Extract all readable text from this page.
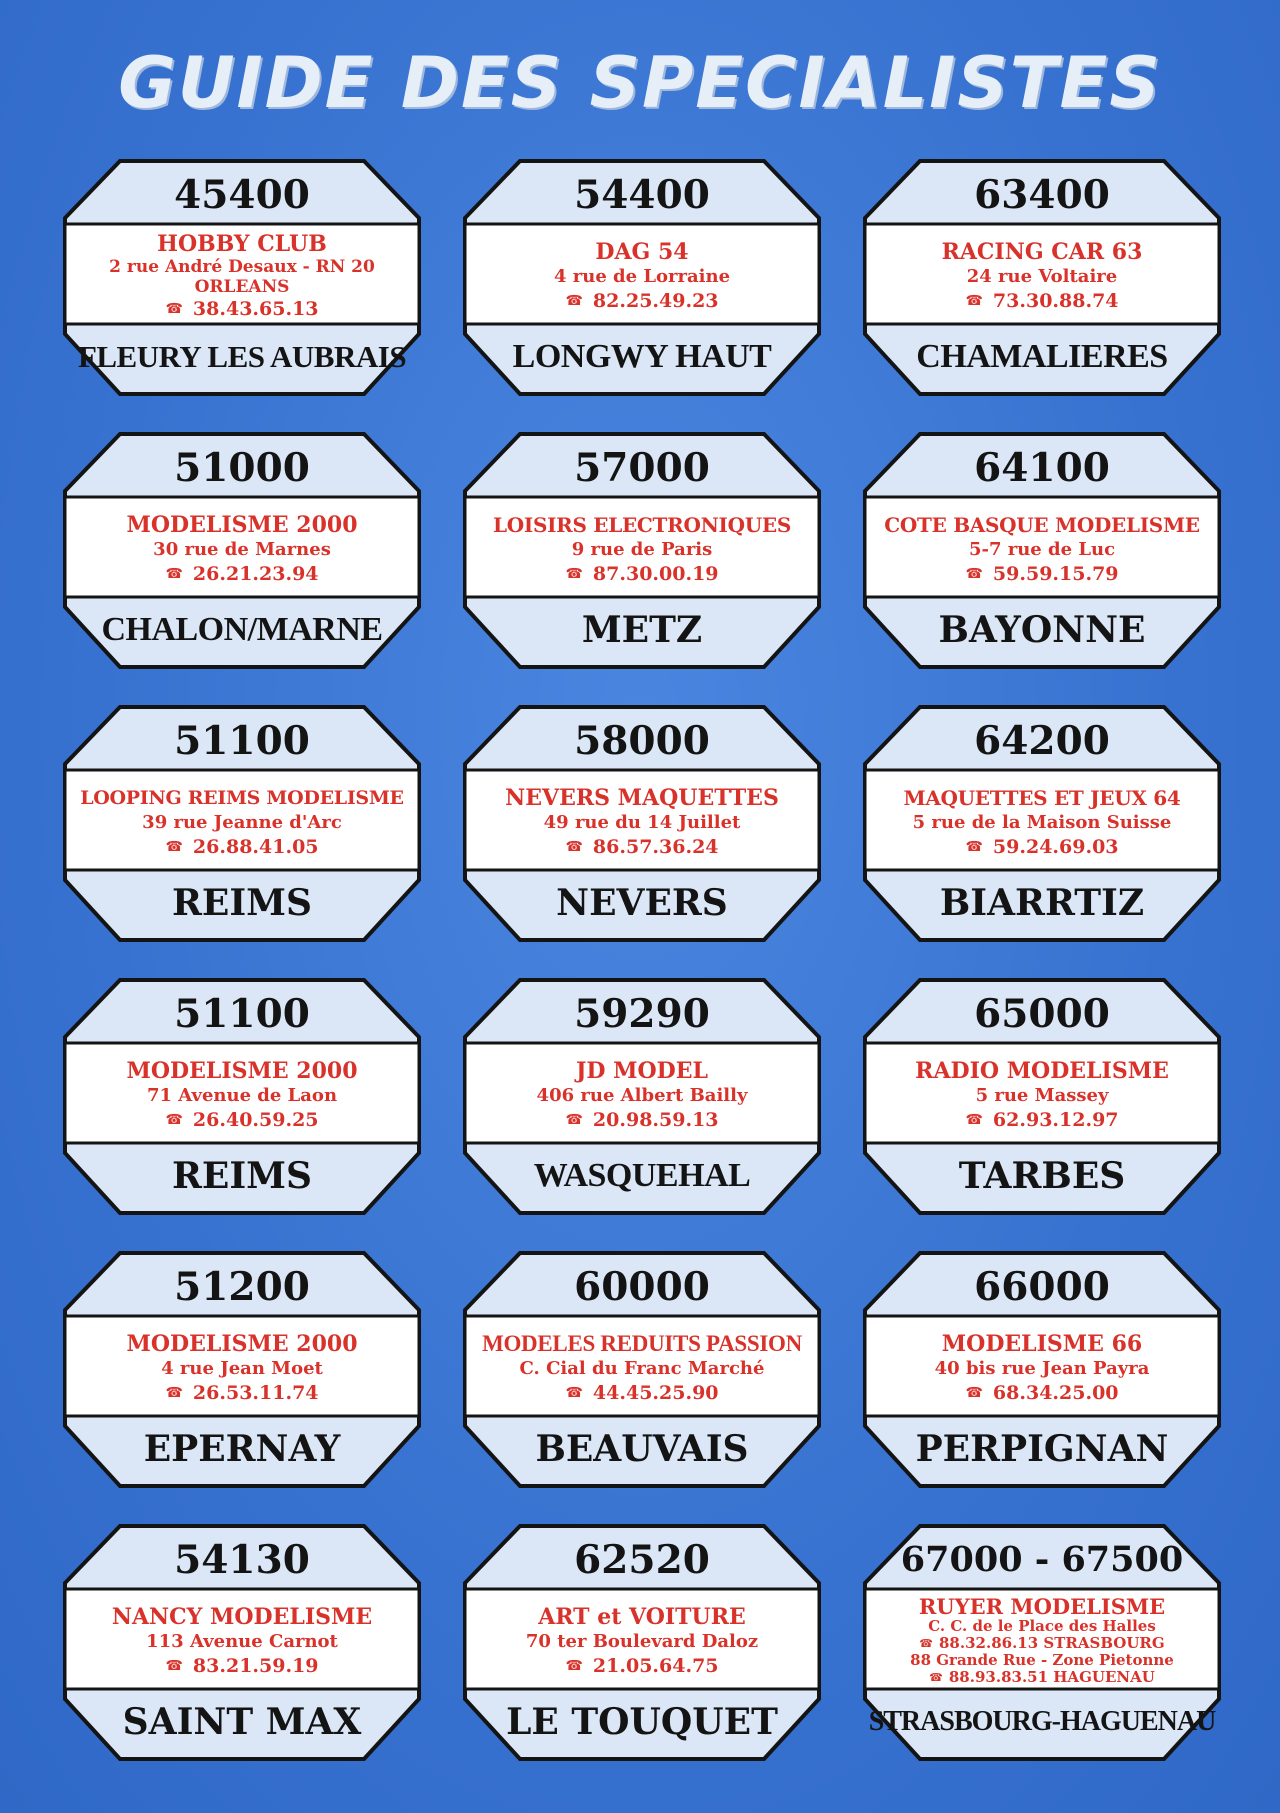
GUIDE DES SPECIALISTES
45400
HOBBY CLUB
2 rue André Desaux - RN 20
ORLEANS
☎ 38.43.65.13
FLEURY LES AUBRAIS
54400
DAG 54
4 rue de Lorraine
☎ 82.25.49.23
LONGWY HAUT
63400
RACING CAR 63
24 rue Voltaire
☎ 73.30.88.74
CHAMALIERES
51000
MODELISME 2000
30 rue de Marnes
☎ 26.21.23.94
CHALON/MARNE
57000
LOISIRS ELECTRONIQUES
9 rue de Paris
☎ 87.30.00.19
METZ
64100
COTE BASQUE MODELISME
5-7 rue de Luc
☎ 59.59.15.79
BAYONNE
51100
LOOPING REIMS MODELISME
39 rue Jeanne d'Arc
☎ 26.88.41.05
REIMS
58000
NEVERS MAQUETTES
49 rue du 14 Juillet
☎ 86.57.36.24
NEVERS
64200
MAQUETTES ET JEUX 64
5 rue de la Maison Suisse
☎ 59.24.69.03
BIARRTIZ
51100
MODELISME 2000
71 Avenue de Laon
☎ 26.40.59.25
REIMS
59290
JD MODEL
406 rue Albert Bailly
☎ 20.98.59.13
WASQUEHAL
65000
RADIO MODELISME
5 rue Massey
☎ 62.93.12.97
TARBES
51200
MODELISME 2000
4 rue Jean Moet
☎ 26.53.11.74
EPERNAY
60000
MODELES REDUITS PASSION
C. Cial du Franc Marché
☎ 44.45.25.90
BEAUVAIS
66000
MODELISME 66
40 bis rue Jean Payra
☎ 68.34.25.00
PERPIGNAN
54130
NANCY MODELISME
113 Avenue Carnot
☎ 83.21.59.19
SAINT MAX
62520
ART et VOITURE
70 ter Boulevard Daloz
☎ 21.05.64.75
LE TOUQUET
67000 - 67500
RUYER MODELISME
C. C. de le Place des Halles
☎ 88.32.86.13 STRASBOURG
88 Grande Rue - Zone Pietonne
☎ 88.93.83.51 HAGUENAU
STRASBOURG-HAGUENAU
